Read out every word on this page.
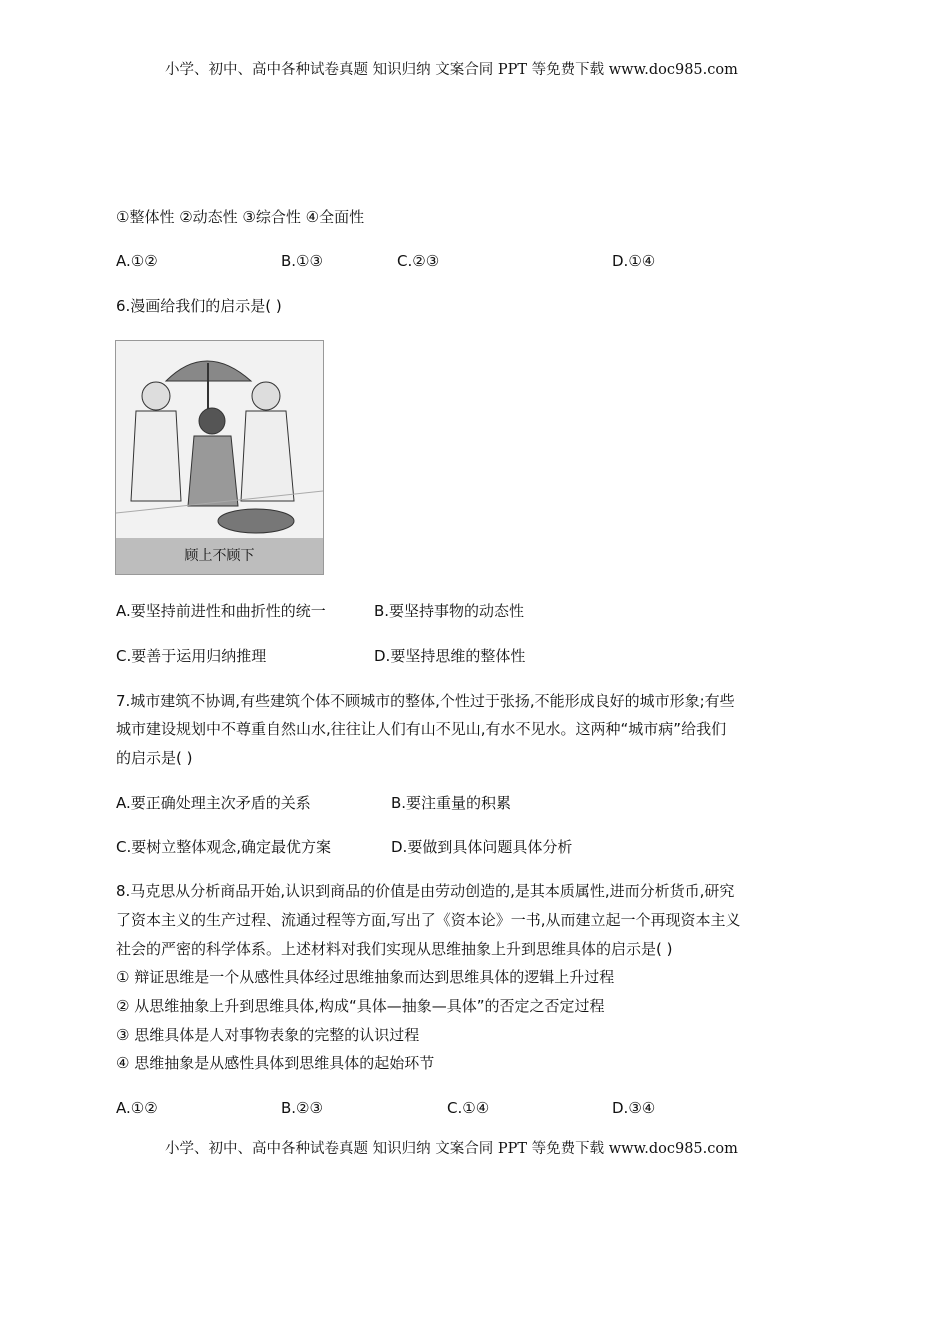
小学、初中、高中各种试卷真题 知识归纳 文案合同 PPT 等免费下载 www.doc985.com
①整体性 ②动态性 ③综合性 ④全面性
A.①②	B.①③	C.②③	D.①④
6.漫画给我们的启示是( )
顾上不顾下
A.要坚持前进性和曲折性的统一	B.要坚持事物的动态性
C.要善于运用归纳推理	D.要坚持思维的整体性
7.城市建筑不协调,有些建筑个体不顾城市的整体,个性过于张扬,不能形成良好的城市形象;有些
城市建设规划中不尊重自然山水,往往让人们有山不见山,有水不见水。这两种“城市病”给我们
的启示是( )
A.要正确处理主次矛盾的关系	B.要注重量的积累
C.要树立整体观念,确定最优方案	D.要做到具体问题具体分析
8.马克思从分析商品开始,认识到商品的价值是由劳动创造的,是其本质属性,进而分析货币,研究
了资本主义的生产过程、流通过程等方面,写出了《资本论》一书,从而建立起一个再现资本主义
社会的严密的科学体系。上述材料对我们实现从思维抽象上升到思维具体的启示是( )
① 辩证思维是一个从感性具体经过思维抽象而达到思维具体的逻辑上升过程
② 从思维抽象上升到思维具体,构成“具体—抽象—具体”的否定之否定过程
③ 思维具体是人对事物表象的完整的认识过程
④ 思维抽象是从感性具体到思维具体的起始环节
A.①②	B.②③	C.①④	D.③④
小学、初中、高中各种试卷真题 知识归纳 文案合同 PPT 等免费下载 www.doc985.com
